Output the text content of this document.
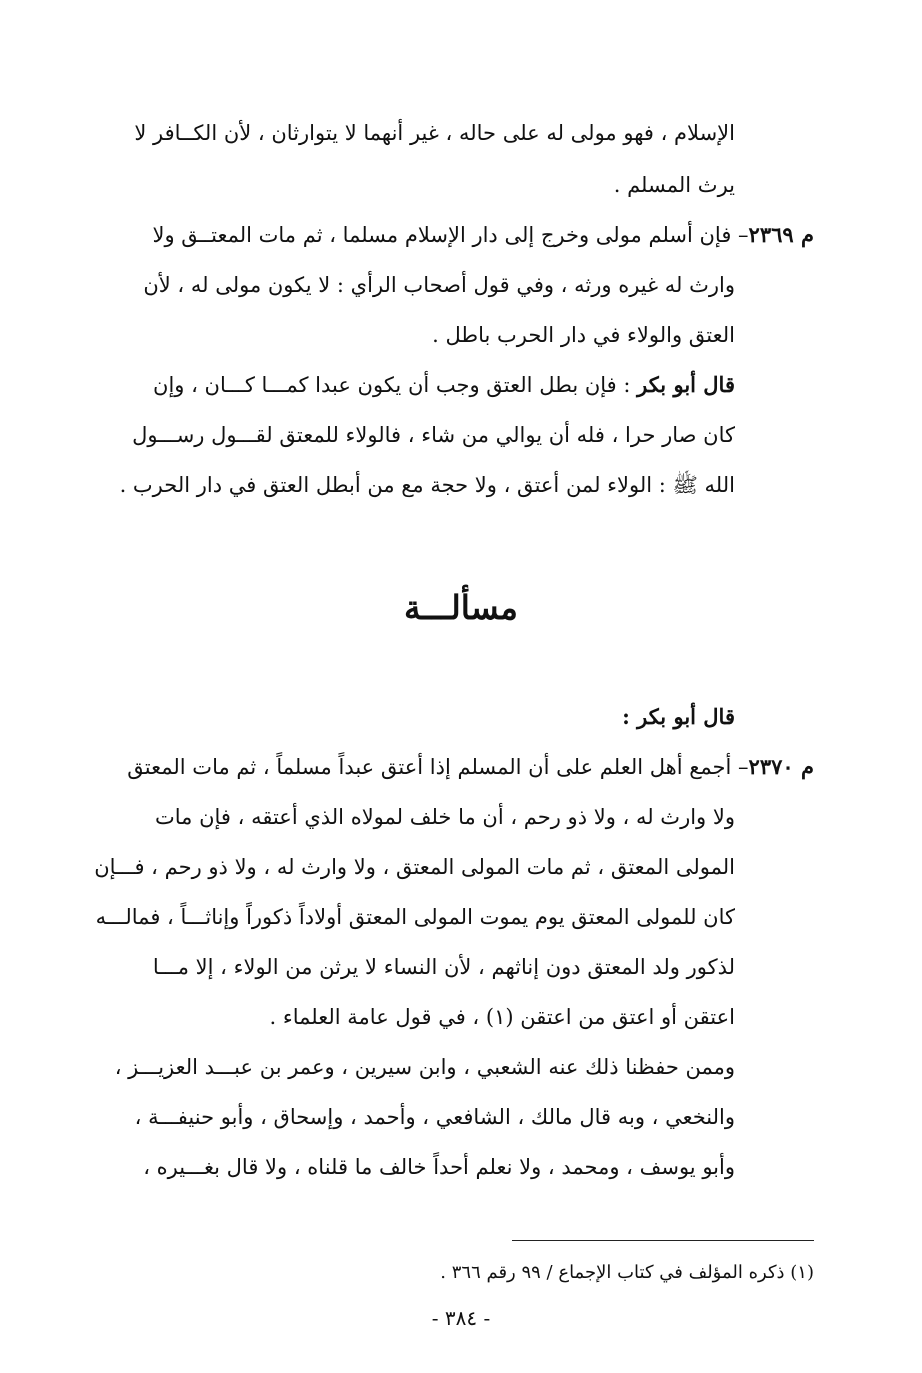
الإسلام ، فهو مولى له على حاله ، غير أنهما لا يتوارثان ، لأن الكــافر لا
يرث المسلم .
م ٢٣٦٩– فإن أسلم مولى وخرج إلى دار الإسلام مسلما ، ثم مات المعتــق ولا
وارث له غيره ورثه ، وفي قول أصحاب الرأي : لا يكون مولى له ، لأن
العتق والولاء في دار الحرب باطل .
قال أبو بكر : فإن بطل العتق وجب أن يكون عبدا كمـــا كـــان ، وإن
كان صار حرا ، فله أن يوالي من شاء ، فالولاء للمعتق لقـــول رســـول
الله ﷺ : الولاء لمن أعتق ، ولا حجة مع من أبطل العتق في دار الحرب .
مسألـــة
قال أبو بكر :
م ٢٣٧٠– أجمع أهل العلم على أن المسلم إذا أعتق عبداً مسلماً ، ثم مات المعتق
ولا وارث له ، ولا ذو رحم ، أن ما خلف لمولاه الذي أعتقه ، فإن مات
المولى المعتق ، ثم مات المولى المعتق ، ولا وارث له ، ولا ذو رحم ، فـــإن
كان للمولى المعتق يوم يموت المولى المعتق أولاداً ذكوراً وإناثـــاً ، فمالـــه
لذكور ولد المعتق دون إناثهم ، لأن النساء لا يرثن من الولاء ، إلا مـــا
اعتقن أو اعتق من اعتقن (١) ، في قول عامة العلماء .
وممن حفظنا ذلك عنه الشعبي ، وابن سيرين ، وعمر بن عبـــد العزيـــز ،
والنخعي ، وبه قال مالك ، الشافعي ، وأحمد ، وإسحاق ، وأبو حنيفـــة ،
وأبو يوسف ، ومحمد ، ولا نعلم أحداً خالف ما قلناه ، ولا قال بغـــيره ،
(١) ذكره المؤلف في كتاب الإجماع / ٩٩ رقم ٣٦٦ .
- ٣٨٤ -
